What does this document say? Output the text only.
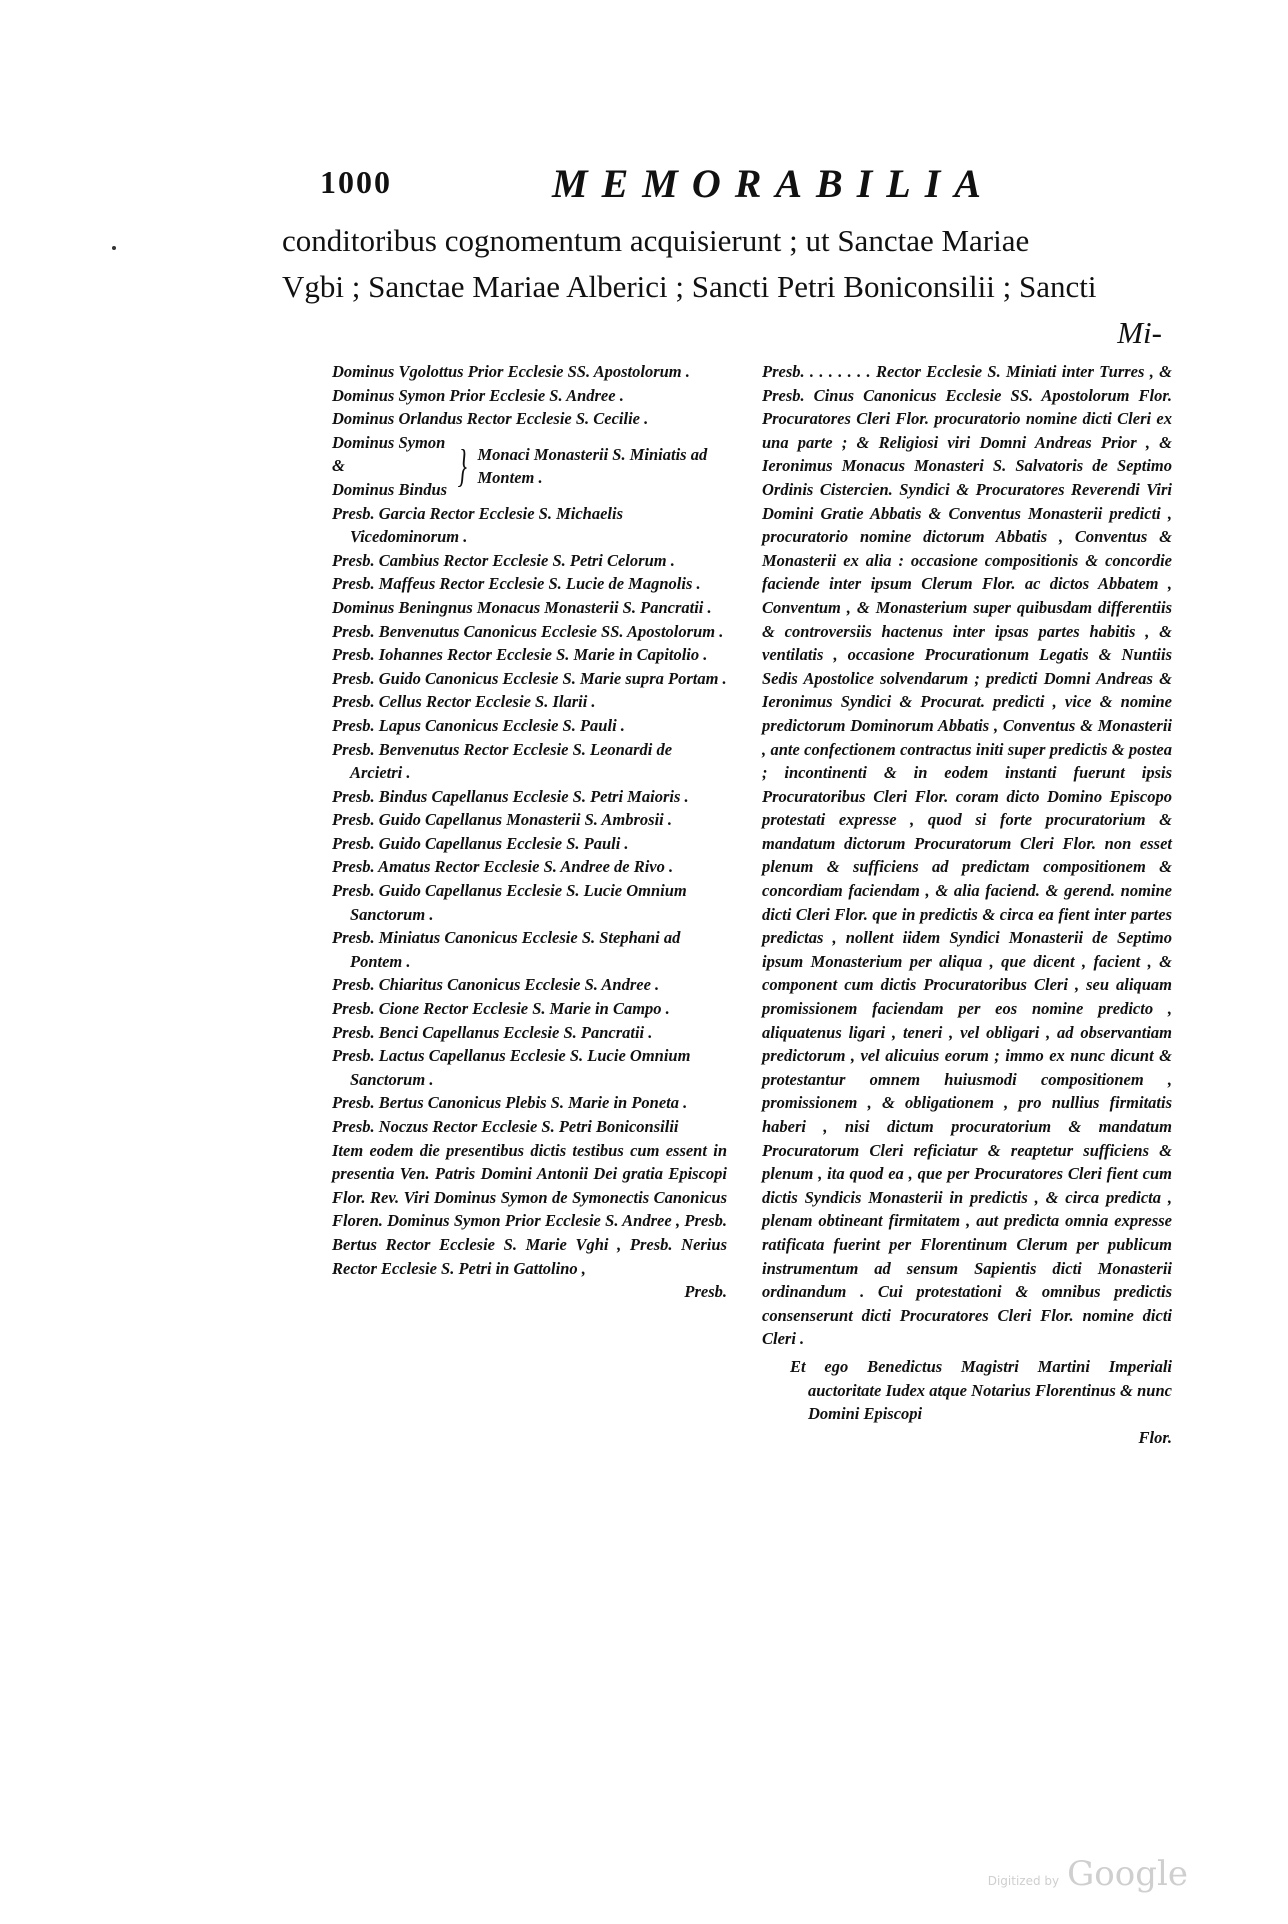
1000	MEMORABILIA
conditoribus cognomentum acquisierunt ; ut Sanctae Mariae
Vgbi ; Sanctae Mariae Alberici ; Sancti Petri Boniconsilii ; Sancti
Mi-

Dominus Vgolottus Prior Ecclesie SS. Apostolorum .

Dominus Symon Prior Ecclesie S. Andree .

Dominus Orlandus Rector Ecclesie S. Cecilie .

Dominus Symon
&
Dominus Bindus } Monaci Monasterii S. Miniatis ad Montem .

Presb. Garcia Rector Ecclesie S. Michaelis Vicedominorum .

Presb. Cambius Rector Ecclesie S. Petri Celorum .

Presb. Maffeus Rector Ecclesie S. Lucie de Magnolis .

Dominus Beningnus Monacus Monasterii S. Pancratii .

Presb. Benvenutus Canonicus Ecclesie SS. Apostolorum .

Presb. Iohannes Rector Ecclesie S. Marie in Capitolio .

Presb. Guido Canonicus Ecclesie S. Marie supra Portam .

Presb. Cellus Rector Ecclesie S. Ilarii .

Presb. Lapus Canonicus Ecclesie S. Pauli .

Presb. Benvenutus Rector Ecclesie S. Leonardi de Arcietri .

Presb. Bindus Capellanus Ecclesie S. Petri Maioris .

Presb. Guido Capellanus Monasterii S. Ambrosii .

Presb. Guido Capellanus Ecclesie S. Pauli .

Presb. Amatus Rector Ecclesie S. Andree de Rivo .

Presb. Guido Capellanus Ecclesie S. Lucie Omnium Sanctorum .

Presb. Miniatus Canonicus Ecclesie S. Stephani ad Pontem .

Presb. Chiaritus Canonicus Ecclesie S. Andree .

Presb. Cione Rector Ecclesie S. Marie in Campo .

Presb. Benci Capellanus Ecclesie S. Pancratii .

Presb. Lactus Capellanus Ecclesie S. Lucie Omnium Sanctorum .

Presb. Bertus Canonicus Plebis S. Marie in Poneta .

Presb. Noczus Rector Ecclesie S. Petri Boniconsilii

Item eodem die presentibus dictis testibus cum essent in presentia Ven. Patris Domini Antonii Dei gratia Episcopi Flor. Rev. Viri Dominus Symon de Symonectis Canonicus Floren. Dominus Symon Prior Ecclesie S. Andree , Presb. Bertus Rector Ecclesie S. Marie Vghi , Presb. Nerius Rector Ecclesie S. Petri in Gattolino ,

Presb.

Presb. . . . . . . . Rector Ecclesie S. Miniati inter Turres , & Presb. Cinus Canonicus Ecclesie SS. Apostolorum Flor. Procuratores Cleri Flor. procuratorio nomine dicti Cleri ex una parte ; & Religiosi viri Domni Andreas Prior , & Ieronimus Monacus Monasteri S. Salvatoris de Septimo Ordinis Cistercien. Syndici & Procuratores Reverendi Viri Domini Gratie Abbatis & Conventus Monasterii predicti , procuratorio nomine dictorum Abbatis , Conventus & Monasterii ex alia : occasione compositionis & concordie faciende inter ipsum Clerum Flor. ac dictos Abbatem , Conventum , & Monasterium super quibusdam differentiis & controversiis hactenus inter ipsas partes habitis , & ventilatis , occasione Procurationum Legatis & Nuntiis Sedis Apostolice solvendarum ; predicti Domni Andreas & Ieronimus Syndici & Procurat. predicti , vice & nomine predictorum Dominorum Abbatis , Conventus & Monasterii , ante confectionem contractus initi super predictis & postea ; incontinenti & in eodem instanti fuerunt ipsis Procuratoribus Cleri Flor. coram dicto Domino Episcopo protestati expresse , quod si forte procuratorium & mandatum dictorum Procuratorum Cleri Flor. non esset plenum & sufficiens ad predictam compositionem & concordiam faciendam , & alia faciend. & gerend. nomine dicti Cleri Flor. que in predictis & circa ea fient inter partes predictas , nollent iidem Syndici Monasterii de Septimo ipsum Monasterium per aliqua , que dicent , facient , & component cum dictis Procuratoribus Cleri , seu aliquam promissionem faciendam per eos nomine predicto , aliquatenus ligari , teneri , vel obligari , ad observantiam predictorum , vel alicuius eorum ; immo ex nunc dicunt & protestantur omnem huiusmodi compositionem , promissionem , & obligationem , pro nullius firmitatis haberi , nisi dictum procuratorium & mandatum Procuratorum Cleri reficiatur & reaptetur sufficiens & plenum , ita quod ea , que per Procuratores Cleri fient cum dictis Syndicis Monasterii in predictis , & circa predicta , plenam obtineant firmitatem , aut predicta omnia expresse ratificata fuerint per Florentinum Clerum per publicum instrumentum ad sensum Sapientis dicti Monasterii ordinandum . Cui protestationi & omnibus predictis consenserunt dicti Procuratores Cleri Flor. nomine dicti Cleri .

Et ego Benedictus Magistri Martini Imperiali auctoritate Iudex atque Notarius Florentinus & nunc Domini Episcopi

Flor.

Digitized by Google
